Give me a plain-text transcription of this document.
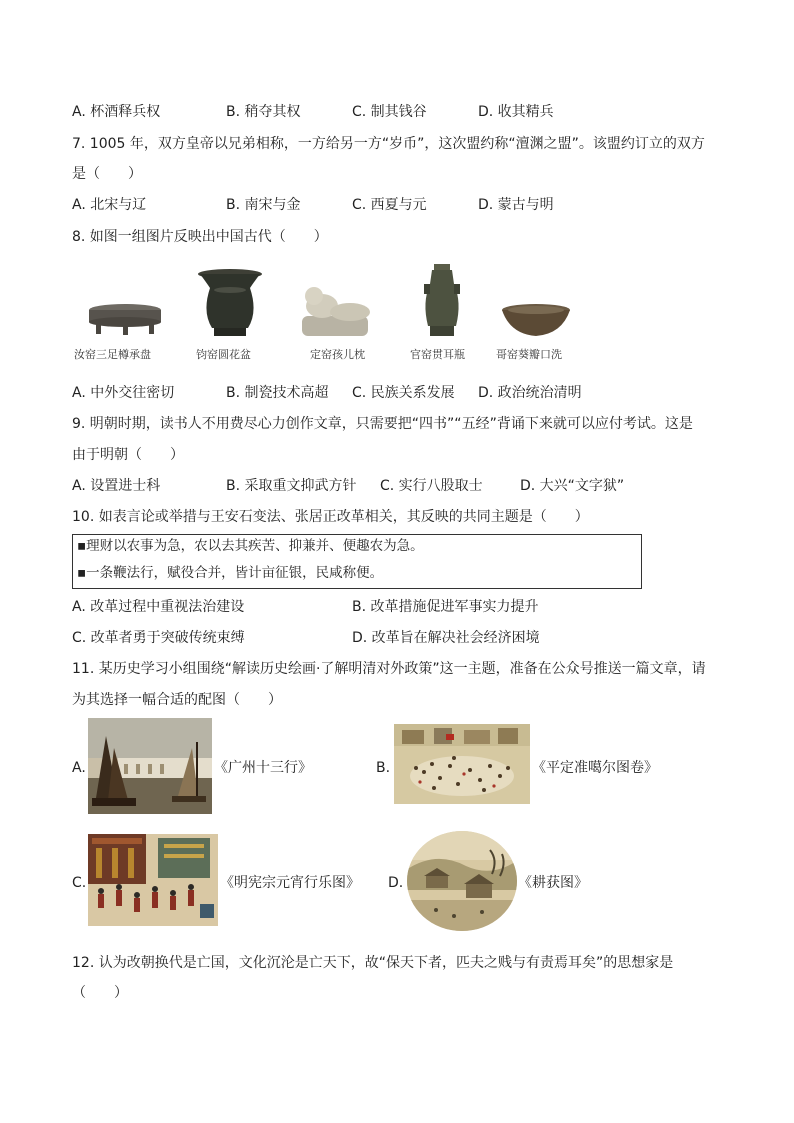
A. 杯酒释兵权	B. 稍夺其权	C. 制其钱谷	D. 收其精兵
7. 1005 年，双方皇帝以兄弟相称，一方给另一方“岁币”，这次盟约称“澶渊之盟”。该盟约订立的双方
是（　　）
A. 北宋与辽	B. 南宋与金	C. 西夏与元	D. 蒙古与明
8. 如图一组图片反映出中国古代（　　）
汝窑三足樽承盘	钧窑圆花盆	定窑孩儿枕	官窑贯耳瓶	哥窑葵瓣口洗
A. 中外交往密切	B. 制瓷技术高超 C. 民族关系发展 D. 政治统治清明
9. 明朝时期，读书人不用费尽心力创作文章，只需要把“四书”“五经”背诵下来就可以应付考试。这是
由于明朝（　　）
A. 设置进士科	B. 采取重文抑武方针 C. 实行八股取士	D. 大兴“文字狱”
10. 如表言论或举措与王安石变法、张居正改革相关，其反映的共同主题是（　　）
▪理财以农事为急，农以去其疾苦、抑兼并、便趣农为急。
▪一条鞭法行，赋役合并，皆计亩征银，民咸称便。
A. 改革过程中重视法治建设	B. 改革措施促进军事实力提升
C. 改革者勇于突破传统束缚	D. 改革旨在解决社会经济困境
11. 某历史学习小组围绕“解读历史绘画·了解明清对外政策”这一主题，准备在公众号推送一篇文章，请
为其选择一幅合适的配图（　　）
A.	《广州十三行》	B.	《平定准噶尔图卷》
C.	《明宪宗元宵行乐图》 D.	《耕获图》
12. 认为改朝换代是亡国，文化沉沦是亡天下，故“保天下者，匹夫之贱与有责焉耳矣”的思想家是
（　　）
